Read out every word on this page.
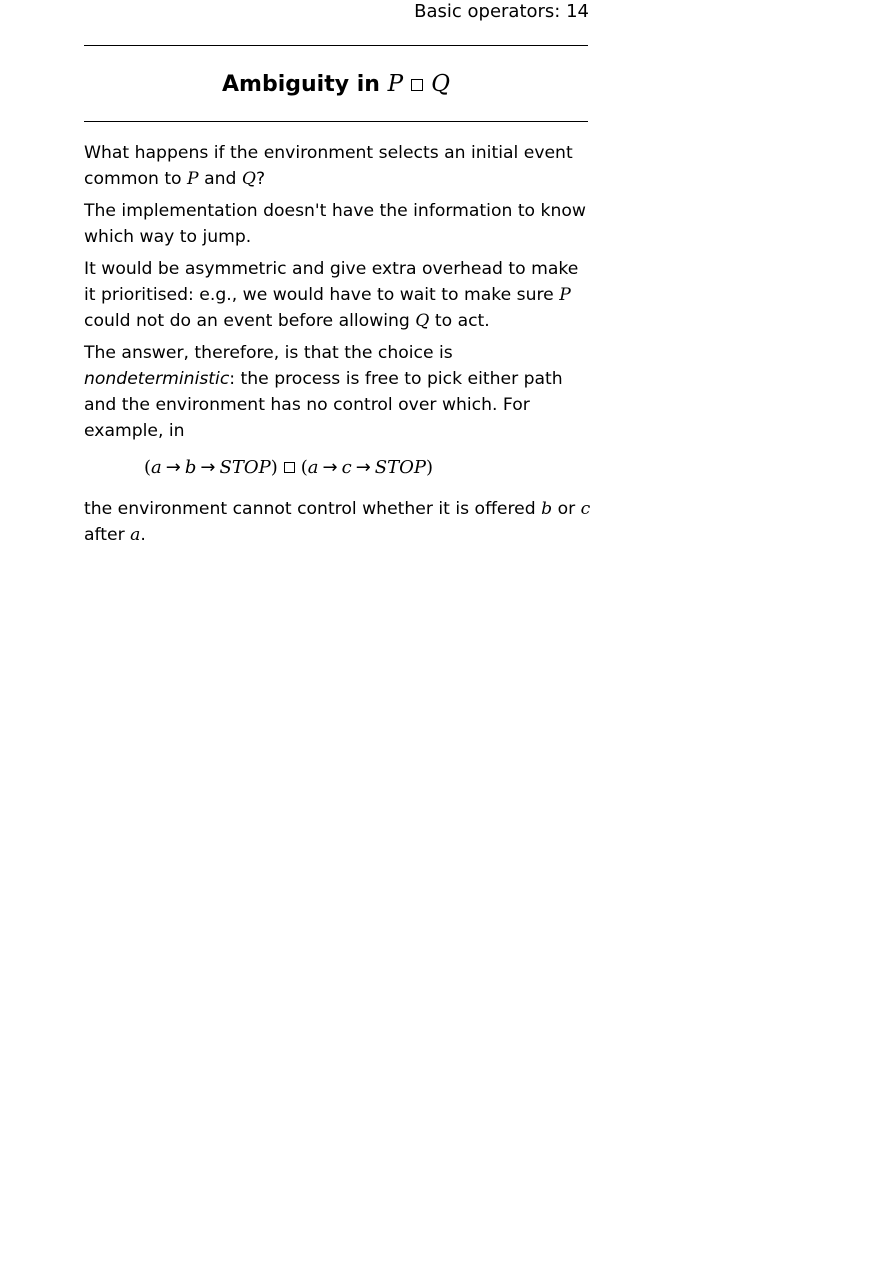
Basic operators: 14
Ambiguity in P Q

What happens if the environment selects an initial event common to P and Q?

The implementation doesn't have the information to know which way to jump.

It would be asymmetric and give extra overhead to make it prioritised: e.g., we would have to wait to make sure P could not do an event before allowing Q to act.

The answer, therefore, is that the choice is nondeterministic: the process is free to pick either path and the environment has no control over which. For example, in

(a → b → STOP) (a → c → STOP)

the environment cannot control whether it is offered b or c after a.
